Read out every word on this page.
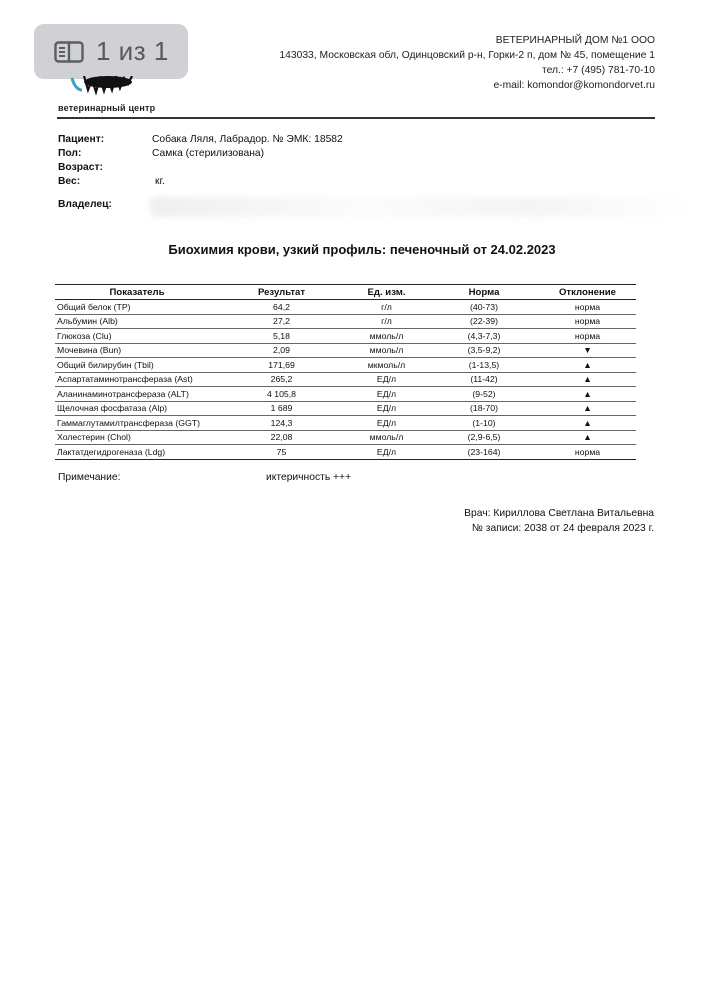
1 из 1
ветеринарный центр
ВЕТЕРИНАРНЫЙ ДОМ №1 ООО
143033, Московская обл, Одинцовский р-н, Горки-2 п, дом № 45, помещение 1
тел.: +7 (495) 781-70-10
e-mail: komondor@komondorvet.ru
Пациент:	Собака Ляля, Лабрадор. № ЭМК: 18582
Пол:	Самка (стерилизована)
Возраст:
Вес:	кг.
Владелец:
Биохимия крови, узкий профиль: печеночный от 24.02.2023
Показатель	Результат	Ед. изм.	Норма	Отклонение
Общий белок (TP)	64,2	г/л	(40-73)	норма
Альбумин (Alb)	27,2	г/л	(22-39)	норма
Глюкоза (Clu)	5,18	ммоль/л	(4,3-7,3)	норма
Мочевина (Bun)	2,09	ммоль/л	(3,5-9,2)	▼
Общий билирубин (Tbil)	171,69	мкмоль/л	(1-13,5)	▲
Аспартатаминотрансфераза (Ast)	265,2	ЕД/л	(11-42)	▲
Аланинаминотрансфераза (ALT)	4 105,8	ЕД/л	(9-52)	▲
Щелочная фосфатаза (Alp)	1 689	ЕД/л	(18-70)	▲
Гаммаглутамилтрансфераза (GGT)	124,3	ЕД/л	(1-10)	▲
Холестерин (Chol)	22,08	ммоль/л	(2,9-6,5)	▲
Лактатдегидрогеназа (Ldg)	75	ЕД/л	(23-164)	норма
Примечание:	иктеричность +++
Врач: Кириллова Светлана Витальевна
№ записи: 2038 от 24 февраля 2023 г.
